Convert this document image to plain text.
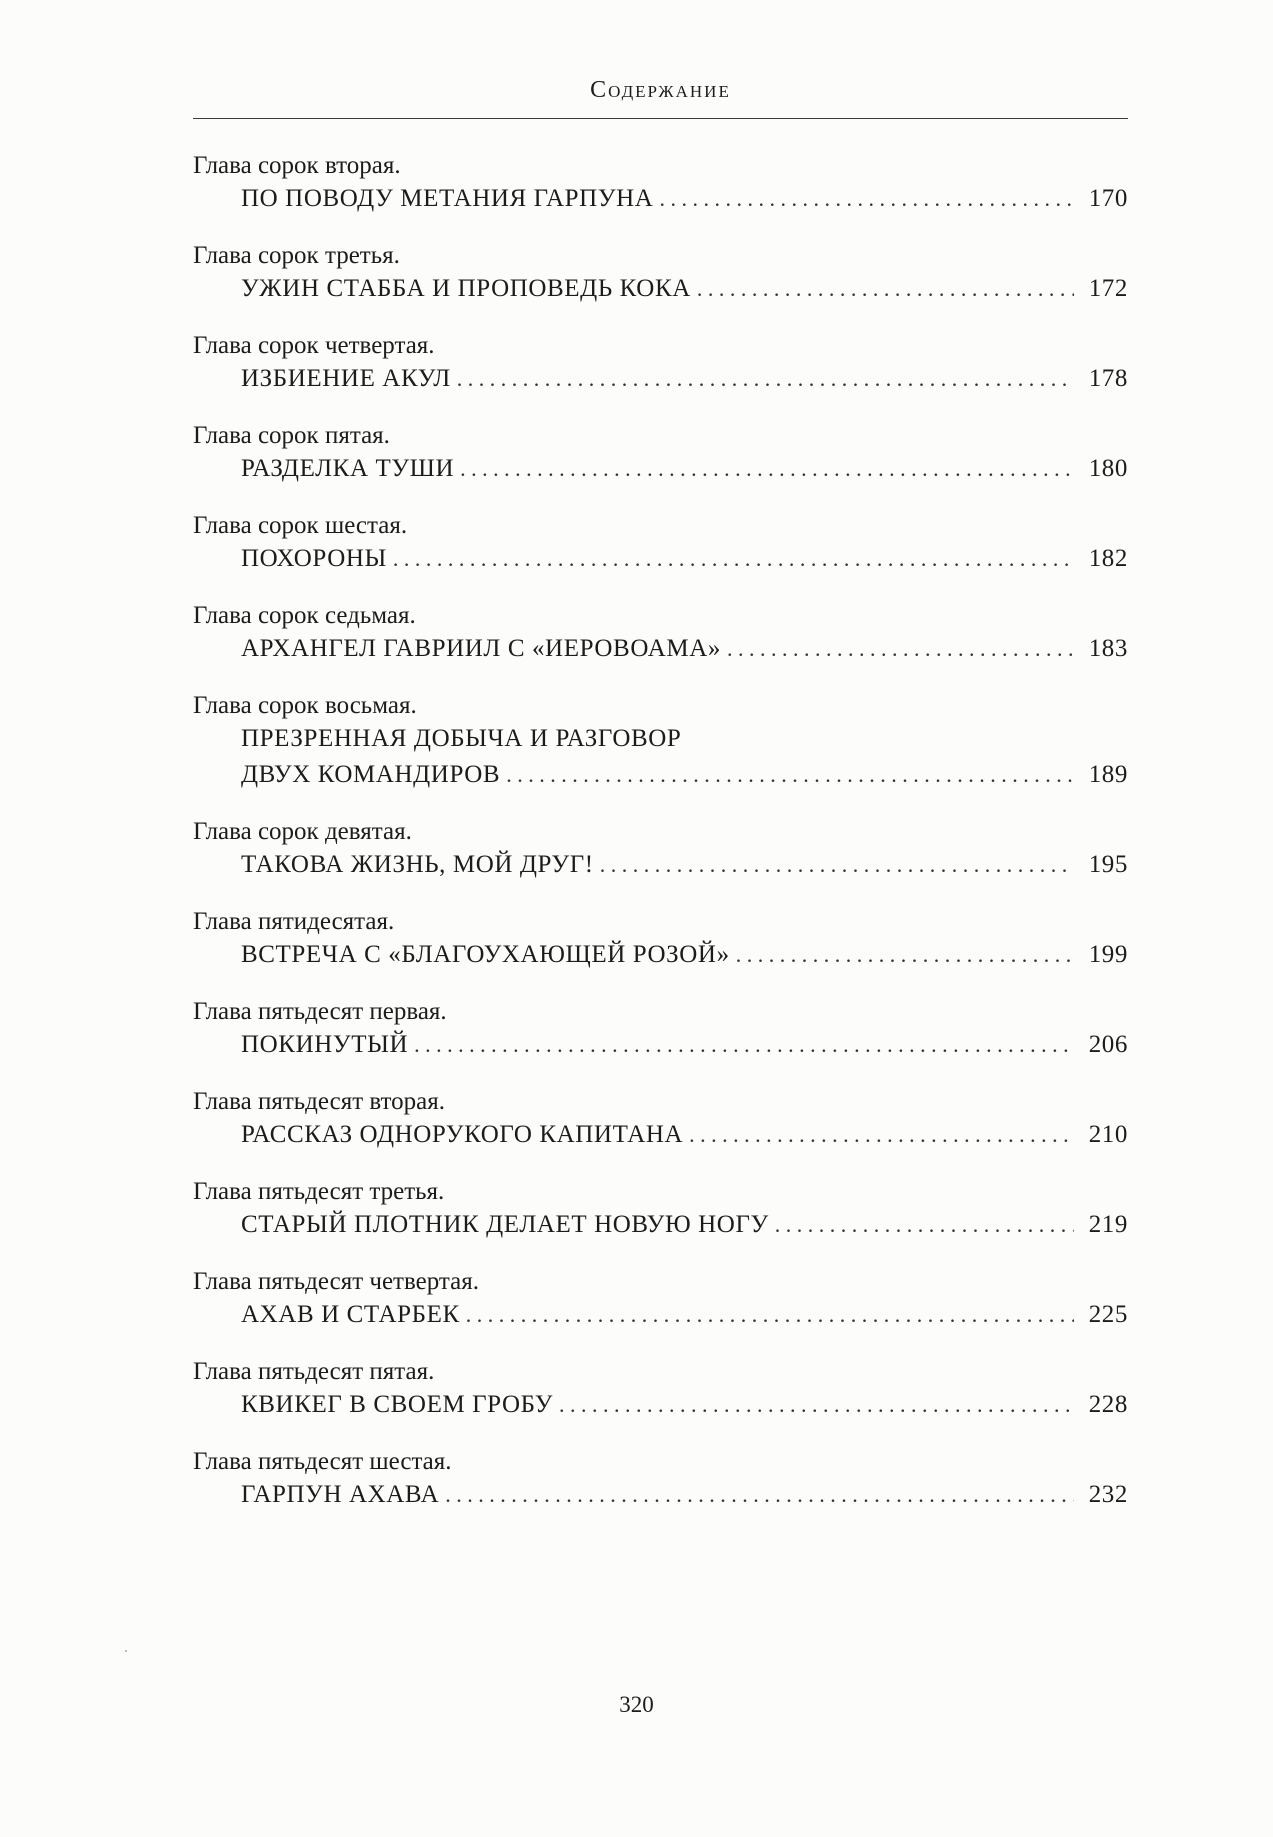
Содержание
Глава сорок вторая.
ПО ПОВОДУ МЕТАНИЯ ГАРПУНА . . .	170
Глава сорок третья.
УЖИН СТАББА И ПРОПОВЕДЬ КОКА . . .	172
Глава сорок четвертая.
ИЗБИЕНИЕ АКУЛ . . .	178
Глава сорок пятая.
РАЗДЕЛКА ТУШИ . . .	180
Глава сорок шестая.
ПОХОРОНЫ . . .	182
Глава сорок седьмая.
АРХАНГЕЛ ГАВРИИЛ С «ИЕРОВОАМА» . . .	183
Глава сорок восьмая.
ПРЕЗРЕННАЯ ДОБЫЧА И РАЗГОВОР
ДВУХ КОМАНДИРОВ . . .	189
Глава сорок девятая.
ТАКОВА ЖИЗНЬ, МОЙ ДРУГ! . . .	195
Глава пятидесятая.
ВСТРЕЧА С «БЛАГОУХАЮЩЕЙ РОЗОЙ» . . .	199
Глава пятьдесят первая.
ПОКИНУТЫЙ . . .	206
Глава пятьдесят вторая.
РАССКАЗ ОДНОРУКОГО КАПИТАНА . . .	210
Глава пятьдесят третья.
СТАРЫЙ ПЛОТНИК ДЕЛАЕТ НОВУЮ НОГУ . . .	219
Глава пятьдесят четвертая.
АХАВ И СТАРБЕК . . .	225
Глава пятьдесят пятая.
КВИКЕГ В СВОЕМ ГРОБУ . . .	228
Глава пятьдесят шестая.
ГАРПУН АХАВА . . .	232
320
